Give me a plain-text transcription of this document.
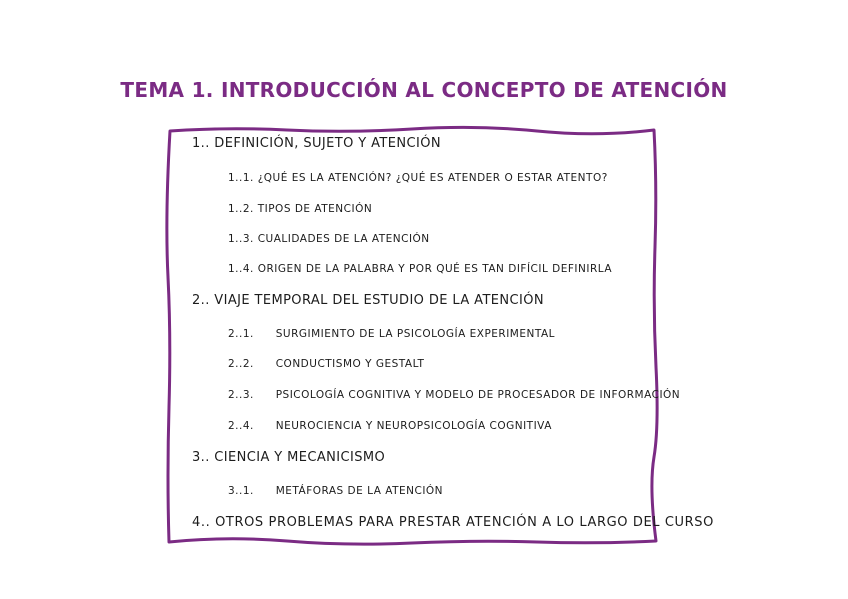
TEMA 1. INTRODUCCIÓN AL CONCEPTO DE ATENCIÓN
1.. DEFINICIÓN, SUJETO Y ATENCIÓN
1..1. ¿QUÉ ES LA ATENCIÓN? ¿QUÉ ES ATENDER O ESTAR ATENTO?
1..2. TIPOS DE ATENCIÓN
1..3. CUALIDADES DE LA ATENCIÓN
1..4. ORIGEN DE LA PALABRA Y POR QUÉ ES TAN DIFÍCIL DEFINIRLA
2.. VIAJE TEMPORAL DEL ESTUDIO DE LA ATENCIÓN
2..1. SURGIMIENTO DE LA PSICOLOGÍA EXPERIMENTAL
2..2. CONDUCTISMO Y GESTALT
2..3. PSICOLOGÍA COGNITIVA Y MODELO DE PROCESADOR DE INFORMACIÓN
2..4. NEUROCIENCIA Y NEUROPSICOLOGÍA COGNITIVA
3.. CIENCIA Y MECANICISMO
3..1. METÁFORAS DE LA ATENCIÓN
4.. OTROS PROBLEMAS PARA PRESTAR ATENCIÓN A LO LARGO DEL CURSO
